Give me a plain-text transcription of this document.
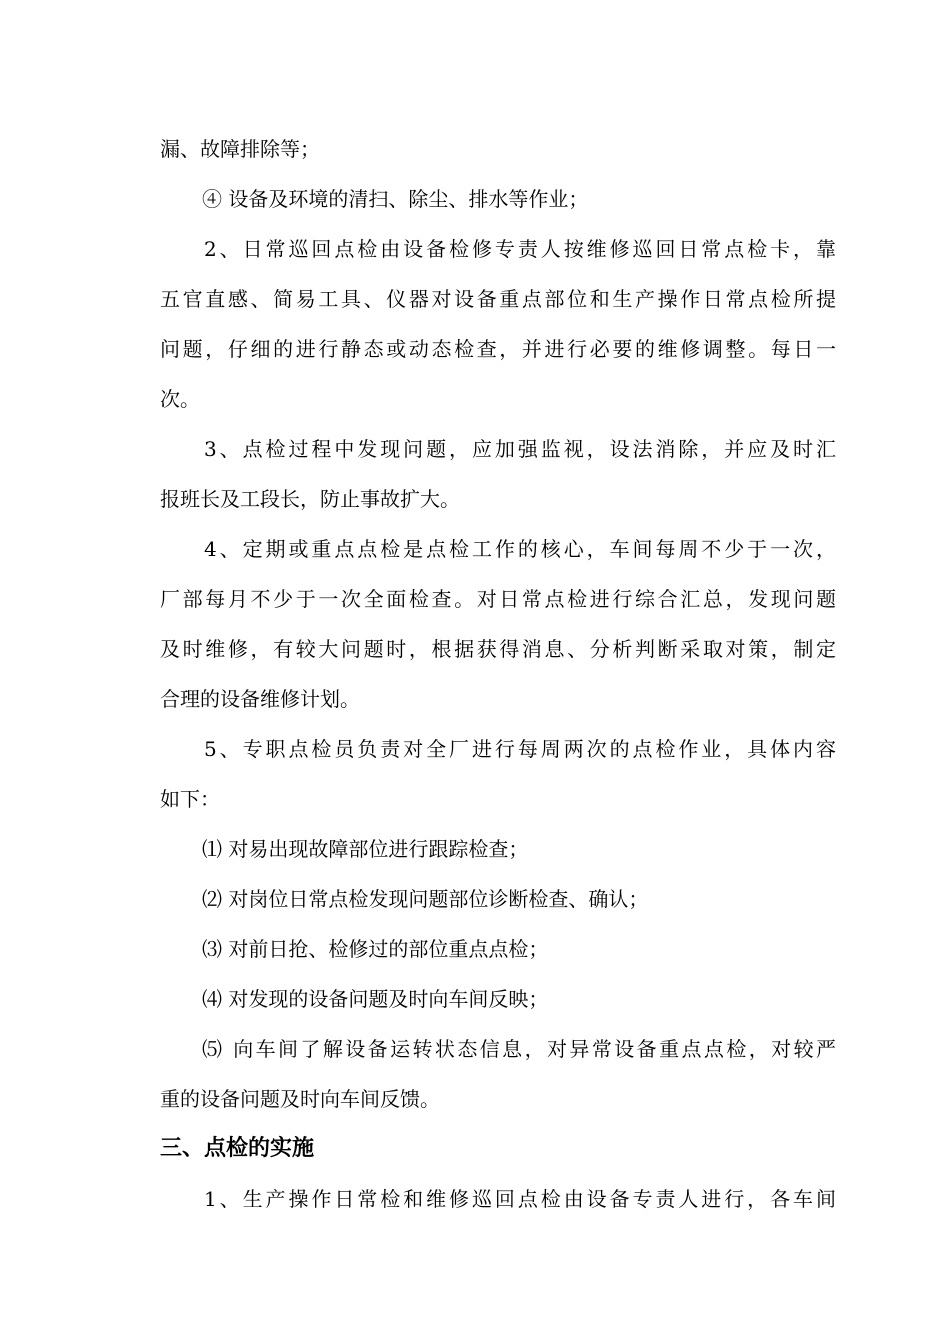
漏、故障排除等；
④ 设备及环境的清扫、除尘、排水等作业；
2、日常巡回点检由设备检修专责人按维修巡回日常点检卡，靠
五官直感、简易工具、仪器对设备重点部位和生产操作日常点检所提
问题，仔细的进行静态或动态检查，并进行必要的维修调整。每日一
次。
3、点检过程中发现问题，应加强监视，设法消除，并应及时汇
报班长及工段长，防止事故扩大。
4、定期或重点点检是点检工作的核心，车间每周不少于一次，
厂部每月不少于一次全面检查。对日常点检进行综合汇总，发现问题
及时维修，有较大问题时，根据获得消息、分析判断采取对策，制定
合理的设备维修计划。
5、专职点检员负责对全厂进行每周两次的点检作业，具体内容
如下：
⑴ 对易出现故障部位进行跟踪检查；
⑵ 对岗位日常点检发现问题部位诊断检查、确认；
⑶ 对前日抢、检修过的部位重点点检；
⑷ 对发现的设备问题及时向车间反映；
⑸ 向车间了解设备运转状态信息，对异常设备重点点检，对较严
重的设备问题及时向车间反馈。
三、点检的实施
1、生产操作日常检和维修巡回点检由设备专责人进行，各车间
